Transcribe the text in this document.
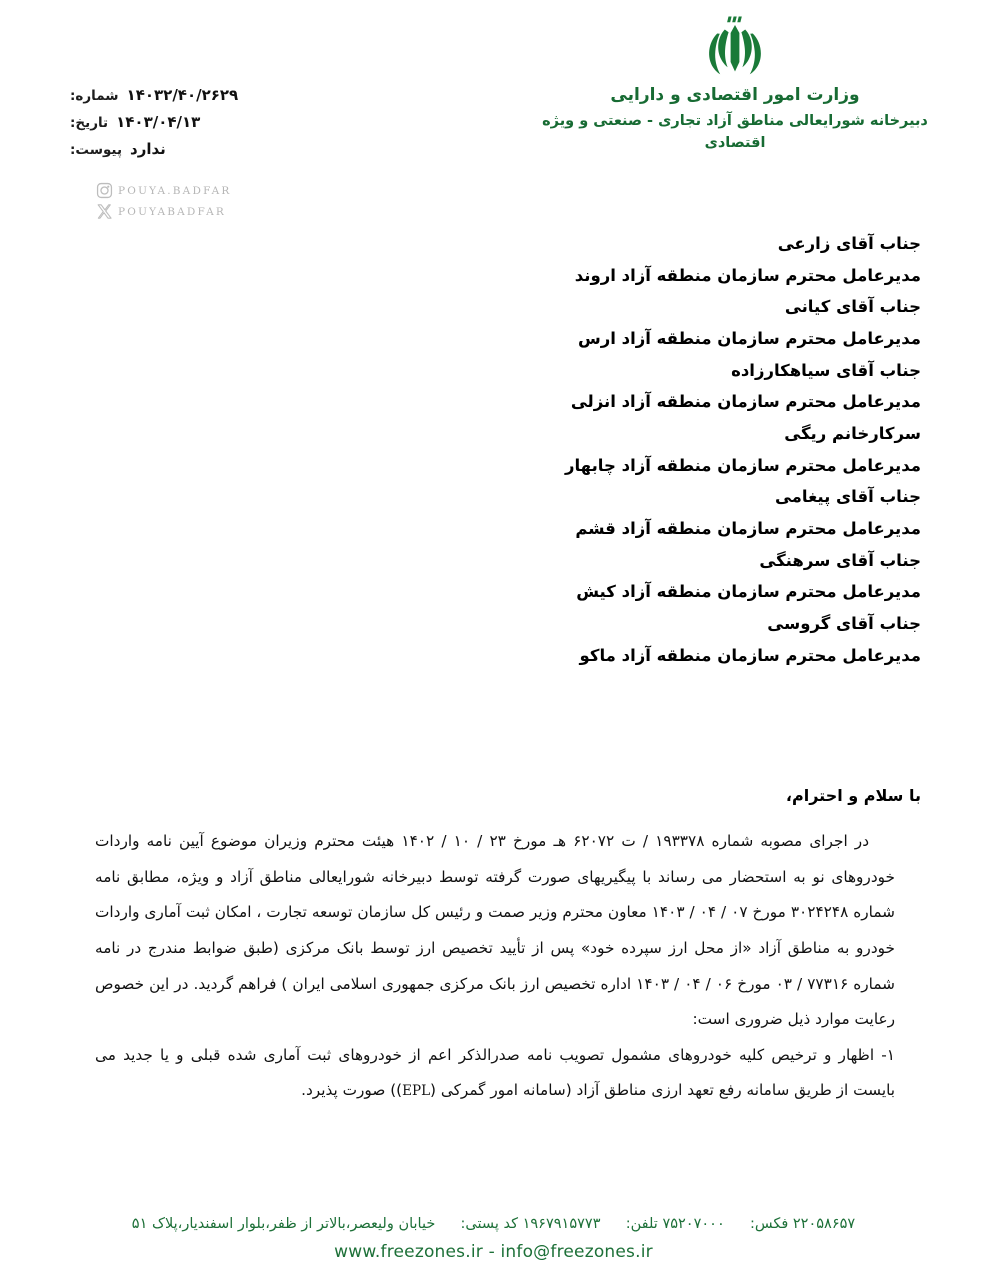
وزارت امور اقتصادی و دارایی
دبیرخانه شورایعالی مناطق آزاد تجاری - صنعتی و ویژه اقتصادی
۱۴۰۳۲/۴۰/۲۶۲۹
شماره:
۱۴۰۳/۰۴/۱۳
تاریخ:
ندارد
پیوست:
POUYA.BADFAR
POUYABADFAR
جناب آقای زارعی
مدیرعامل محترم سازمان منطقه آزاد اروند
جناب آقای کیانی
مدیرعامل محترم سازمان منطقه آزاد ارس
جناب آقای سیاهکارزاده
مدیرعامل محترم سازمان منطقه آزاد انزلی
سرکارخانم ریگی
مدیرعامل محترم سازمان منطقه آزاد چابهار
جناب آقای پیغامی
مدیرعامل محترم سازمان منطقه آزاد قشم
جناب آقای سرهنگی
مدیرعامل محترم سازمان منطقه آزاد کیش
جناب آقای گروسی
مدیرعامل محترم سازمان منطقه آزاد ماکو
با سلام و احترام،

در اجرای مصوبه شماره ۱۹۳۳۷۸ / ت ۶۲۰۷۲ هـ مورخ ۲۳ / ۱۰ / ۱۴۰۲ هیئت محترم وزیران موضوع آیین نامه واردات خودروهای نو به استحضار می رساند با پیگیریهای صورت گرفته توسط دبیرخانه شورایعالی مناطق آزاد و ویژه، مطابق نامه شماره ۳۰۲۴۲۴۸ مورخ ۰۷ / ۰۴ / ۱۴۰۳ معاون محترم وزیر صمت و رئیس کل سازمان توسعه تجارت ، امکان ثبت آماری واردات خودرو به مناطق آزاد «از محل ارز سپرده خود» پس از تأیید تخصیص ارز توسط بانک مرکزی (طبق ضوابط مندرج در نامه شماره ۷۷۳۱۶ / ۰۳ مورخ ۰۶ / ۰۴ / ۱۴۰۳ اداره تخصیص ارز بانک مرکزی جمهوری اسلامی ایران ) فراهم گردید. در این خصوص رعایت موارد ذیل ضروری است:

۱- اظهار و ترخیص کلیه خودروهای مشمول تصویب نامه صدرالذکر اعم از خودروهای ثبت آماری شده قبلی و یا جدید می بایست از طریق سامانه رفع تعهد ارزی مناطق آزاد (سامانه امور گمرکی (EPL)) صورت پذیرد.

۲۲۰۵۸۶۵۷ فکس:  ۷۵۲۰۷۰۰۰ تلفن:  ۱۹۶۷۹۱۵۷۷۳ کد پستی:  خیابان ولیعصر،بالاتر از ظفر،بلوار اسفندیار،پلاک ۵۱
www.freezones.ir - info@freezones.ir
